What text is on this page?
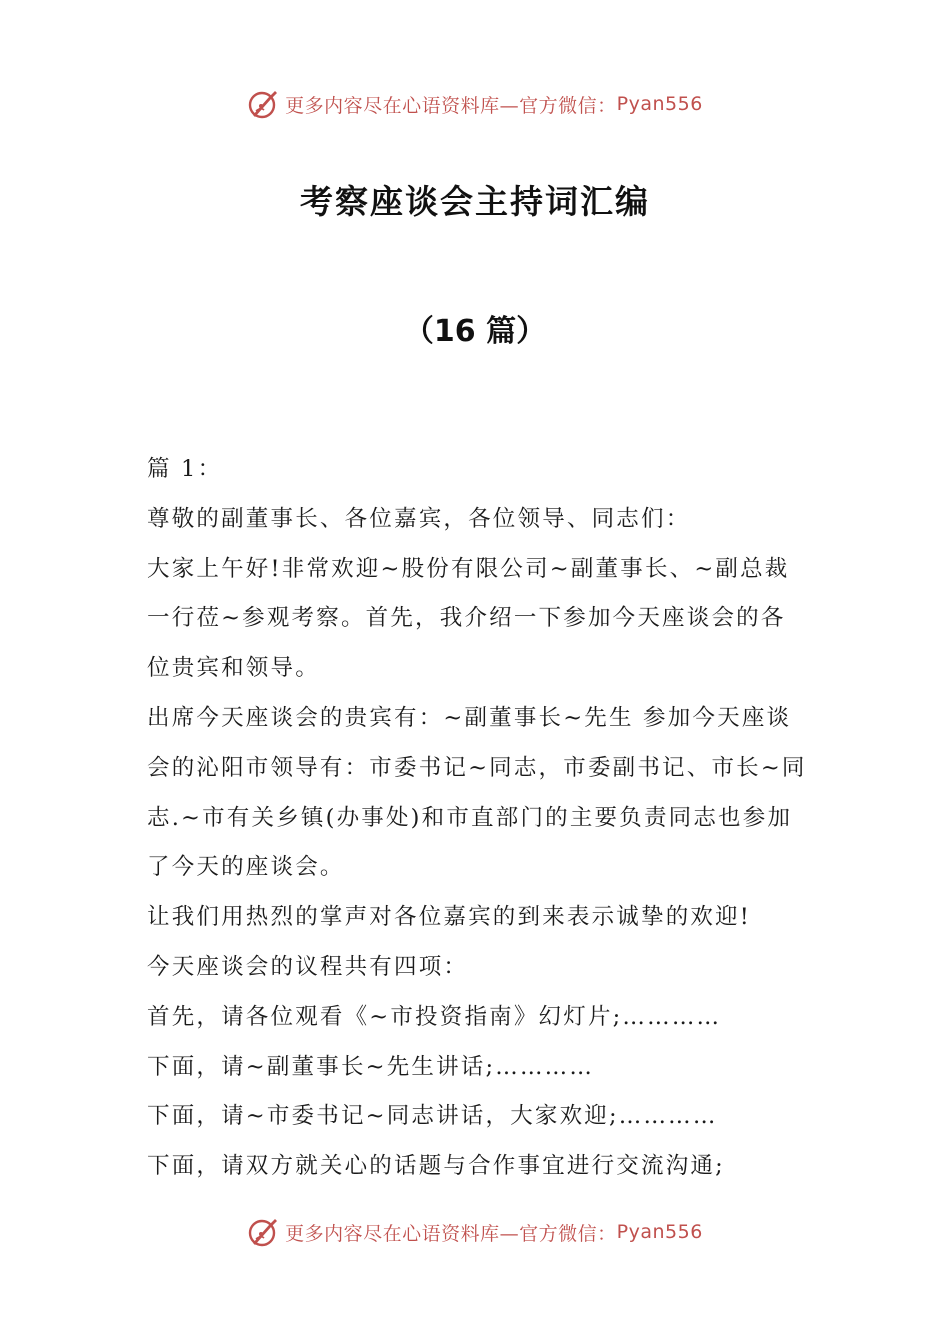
更多内容尽在心语资料库—官方微信： Pyan556
考察座谈会主持词汇编
（16 篇）

篇 1：

尊敬的副董事长、各位嘉宾，各位领导、同志们：

大家上午好!非常欢迎~股份有限公司~副董事长、~副总裁一行莅~参观考察。首先，我介绍一下参加今天座谈会的各位贵宾和领导。

出席今天座谈会的贵宾有：~副董事长~先生 参加今天座谈会的沁阳市领导有：市委书记~同志，市委副书记、市长~同志.~市有关乡镇(办事处)和市直部门的主要负责同志也参加了今天的座谈会。

让我们用热烈的掌声对各位嘉宾的到来表示诚挚的欢迎!

今天座谈会的议程共有四项：

首先，请各位观看《~市投资指南》幻灯片;…………

下面，请~副董事长~先生讲话;…………

下面，请~市委书记~同志讲话，大家欢迎;…………

下面，请双方就关心的话题与合作事宜进行交流沟通;

更多内容尽在心语资料库—官方微信： Pyan556
